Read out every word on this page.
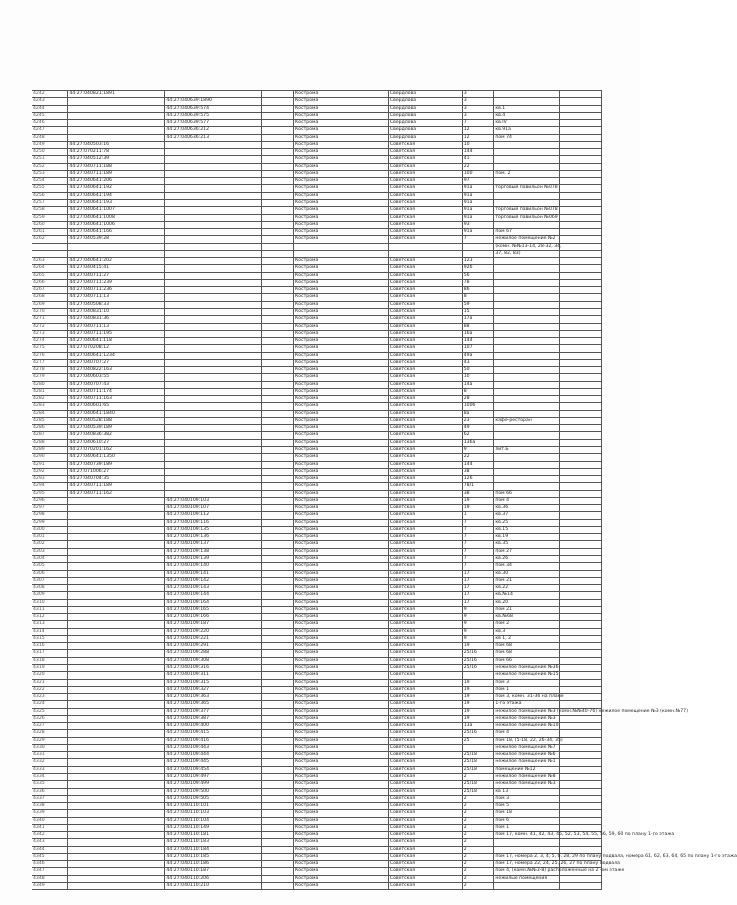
4242	44:27:040821:1891			Кострома	Свердлова	3		
4243		44:27:040639:1890		Кострома	Свердлова	3		
4244		44:27:040639:574		Кострома	Свердлова	3	кв.1	
4245		44:27:040639:575		Кострома	Свердлова	3	кв.4	
4246		44:27:040639:577		Кострома	Свердлова	7	кв.IV	
4247		44:27:040636:212		Кострома	Свердлова	12	кв.91а	
4248		44:27:040636:213		Кострома	Свердлова	12	пом 74	
4249	44:27:040503:16			Кострома	Советская	10		
4250	44:27:070211:78			Кострома	Советская	144		
4251	44:27:040512:39			Кострома	Советская	41		
4252	44:27:040711:188			Кострома	Советская	22		
4253	44:27:040711:189			Кострома	Советская	100	пом. 2	
4254	44:27:040641:206			Кострома	Советская	97		
4255	44:27:040641:192			Кострома	Советская	91а	торговый павильон №078	
4256	44:27:040641:194			Кострома	Советская	91а		
4257	44:27:040641:193			Кострома	Советская	91а		
4258	44:27:040641:1007			Кострома	Советская	91а	торговый павильон №078	
4259	44:27:040641:1008			Кострома	Советская	91а	торговый павильон №069	
4260	44:27:040641:1006			Кострома	Советская	93		
4261	44:27:040641:166			Кострома	Советская	91а	пом 67	
4262	44:27:040539:28			Кострома	Советская	7	нежилое помещение №2	
							(комн. №№13-14, 28-32, 34,	
							37, 82, 83)	
4263	44:27:040641:202			Кострома	Советская	123		
4264	44:27:040415:41			Кострома	Советская	92б		
4265	44:27:040711:27			Кострома	Советская	56		
4266	44:27:040711:239			Кострома	Советская	78		
4267	44:27:040711:236			Кострома	Советская	86		
4268	44:27:040711:13			Кострома	Советская	8		
4269	44:27:040508:33			Кострома	Советская	59		
4270	44:27:040831:10			Кострома	Советская	15		
4271	44:27:040831:36			Кострома	Советская	17а		
4272	44:27:040711:13			Кострома	Советская	88		
4273	44:27:040711:195			Кострома	Советская	16а		
4274	44:27:040641:118			Кострома	Советская	144		
4275	44:27:070208:12			Кострома	Советская	107		
4276	44:27:040641:1234			Кострома	Советская	49а		
4277	44:27:040707:27			Кострома	Советская	43		
4278	44:27:040822:163			Кострома	Советская	50		
4279	44:27:040603:55			Кострома	Советская	10		
4280	44:27:040707:43			Кострома	Советская	14а		
4281	44:27:040711:174			Кострома	Советская	8		
4282	44:27:040711:163			Кострома	Советская	28		
4283	44:27:040601:65			Кострома	Советская	100б		
4284	44:27:040641:1840			Кострома	Советская	8а		
4285	44:27:040528:188			Кострома	Советская	23	кафе-ресторан	
4286	44:27:040539:189			Кострома	Советская	49		
4287	44:27:040836:382			Кострома	Советская	62		
4288	44:27:040610:27			Кострома	Советская	136а		
4289	44:27:070201:162			Кострома	Советская	9	лит.Б	
4290	44:27:040641:1350			Кострома	Советская	22		
4291	44:27:040739:189			Кострома	Советская	144		
4292	44:27:071006:27			Кострома	Советская	38		
4293	44:27:040704:35			Кострома	Советская	126		
4294	44:27:040711:189			Кострома	Советская	78/1		
4295	44:27:040711:162			Кострома	Советская	38	пом 66	
4296		44:27:040109:103		Кострома	Советская	19	пом 4	
4297		44:27:040109:107		Кострома	Советская	19	кв.36	
4298		44:27:040109:112		Кострома	Советская	1	кв.37	
4299		44:27:040109:116		Кострома	Советская	7	кв.25	
4300		44:27:040109:135		Кострома	Советская	7	кв.15	
4301		44:27:040109:136		Кострома	Советская	7	кв.19	
4302		44:27:040109:137		Кострома	Советская	7	кв.35	
4303		44:27:040109:138		Кострома	Советская	7	пом 27	
4304		44:27:040109:139		Кострома	Советская	7	кв.26	
4305		44:27:040109:140		Кострома	Советская	7	пом 34	
4306		44:27:040109:141		Кострома	Советская	17	кв.30	
4307		44:27:040109:142		Кострома	Советская	17	пом 21	
4308		44:27:040109:143		Кострома	Советская	17	кв.22	
4309		44:27:040109:144		Кострома	Советская	17	кв.№14	
4310		44:27:040109:164		Кострома	Советская	17	кв.20	
4311		44:27:040109:165		Кострома	Советская	9	пом 21	
4312		44:27:040109:166		Кострома	Советская	9	кв.№68	
4313		44:27:040109:187		Кострома	Советская	9	пом 2	
4314		44:27:040109:220		Кострома	Советская	9	кв.3	
4315		44:27:040109:221		Кострома	Советская	9	кв 1, 2	
4316		44:27:040109:291		Кострома	Советская	19	пом 68	
4317		44:27:040109:288		Кострома	Советская	25/16	пом 68	
4318		44:27:040109:308		Кострома	Советская	25/16	пом 66	
4319		44:27:040109:316		Кострома	Советская	25/16	нежилое помещение №36	
4320		44:27:040109:311		Кострома	Советская		нежилое помещение №15	
4321		44:27:040109:315		Кострома	Советская	19	пом 3	
4322		44:27:040109:327		Кострома	Советская	19	пом 1	
4323		44:27:040109:363		Кострома	Советская	19	пом 3, комн. 31-36 на плане	
4324		44:27:040109:365		Кострома	Советская	19	1-го этажа	
4325		44:27:040109:377		Кострома	Советская	19	нежилое помещение №3 (комн.№№40-76) нежилое помещение №3 (комн.№77)	
4326		44:27:040109:387		Кострома	Советская	19	нежилое помещение №3	
4327		44:27:040109:400		Кострома	Советская	13а	нежилое помещение №10	
4328		44:27:040109:415		Кострома	Советская	25/16	пом 4	
4329		44:27:040109:416		Кострома	Советская	25	пом 18, (5-18, 22, 26-34, 35)	
4330		44:27:040109:443		Кострома	Советская		нежилое помещение №7	
4331		44:27:040109:444		Кострома	Советская	25/18	нежилое помещение №6	
4332		44:27:040109:445		Кострома	Советская	25/18	нежилое помещение №1	
4333		44:27:040109:454		Кострома	Советская	25/18	помещение №12	
4334		44:27:040109:497		Кострома	Советская	2	нежилое помещение №8	
4335		44:27:040109:499		Кострома	Советская	25/18	нежилое помещение №3	
4336		44:27:040109:500		Кострома	Советская	25/18	кв 13	
4337		44:27:040109:505		Кострома	Советская	2	пом 3	
4338		44:27:040110:101		Кострома	Советская	2	пом 5	
4339		44:27:040110:103		Кострома	Советская	2	пом 18	
4340		44:27:040110:104		Кострома	Советская	2	пом 6	
4341		44:27:040110:149		Кострома	Советская	2	пом 1	
4342		44:27:040110:181		Кострома	Советская	2	пом 17, комн. 41, 42, 43, 45, 52, 53, 54, 55, 56, 59, 60 по плану 1-го этажа	
4343		44:27:040110:183		Кострома	Советская	2		
4344		44:27:040110:184		Кострома	Советская	2		
4345		44:27:040110:185		Кострома	Советская	2	пом 17, номера 2, 3, 4, 5, 6, 28, 29 по плану подвала, номера 61, 62, 63, 64, 65 по плану 1-го этажа	
4346		44:27:040110:186		Кострома	Советская	2	пом 17, номера 22, 24, 25, 26, 27 по плану подвала	
4347		44:27:040110:187		Кострома	Советская	2	пом 4, (комн.№№3-8) расположенные на 2 -ом этаже	
4348		44:27:040110:206		Кострома	Советская	2	нежилые помещения	
4349		44:27:040110:210		Кострома	Советская	2		
